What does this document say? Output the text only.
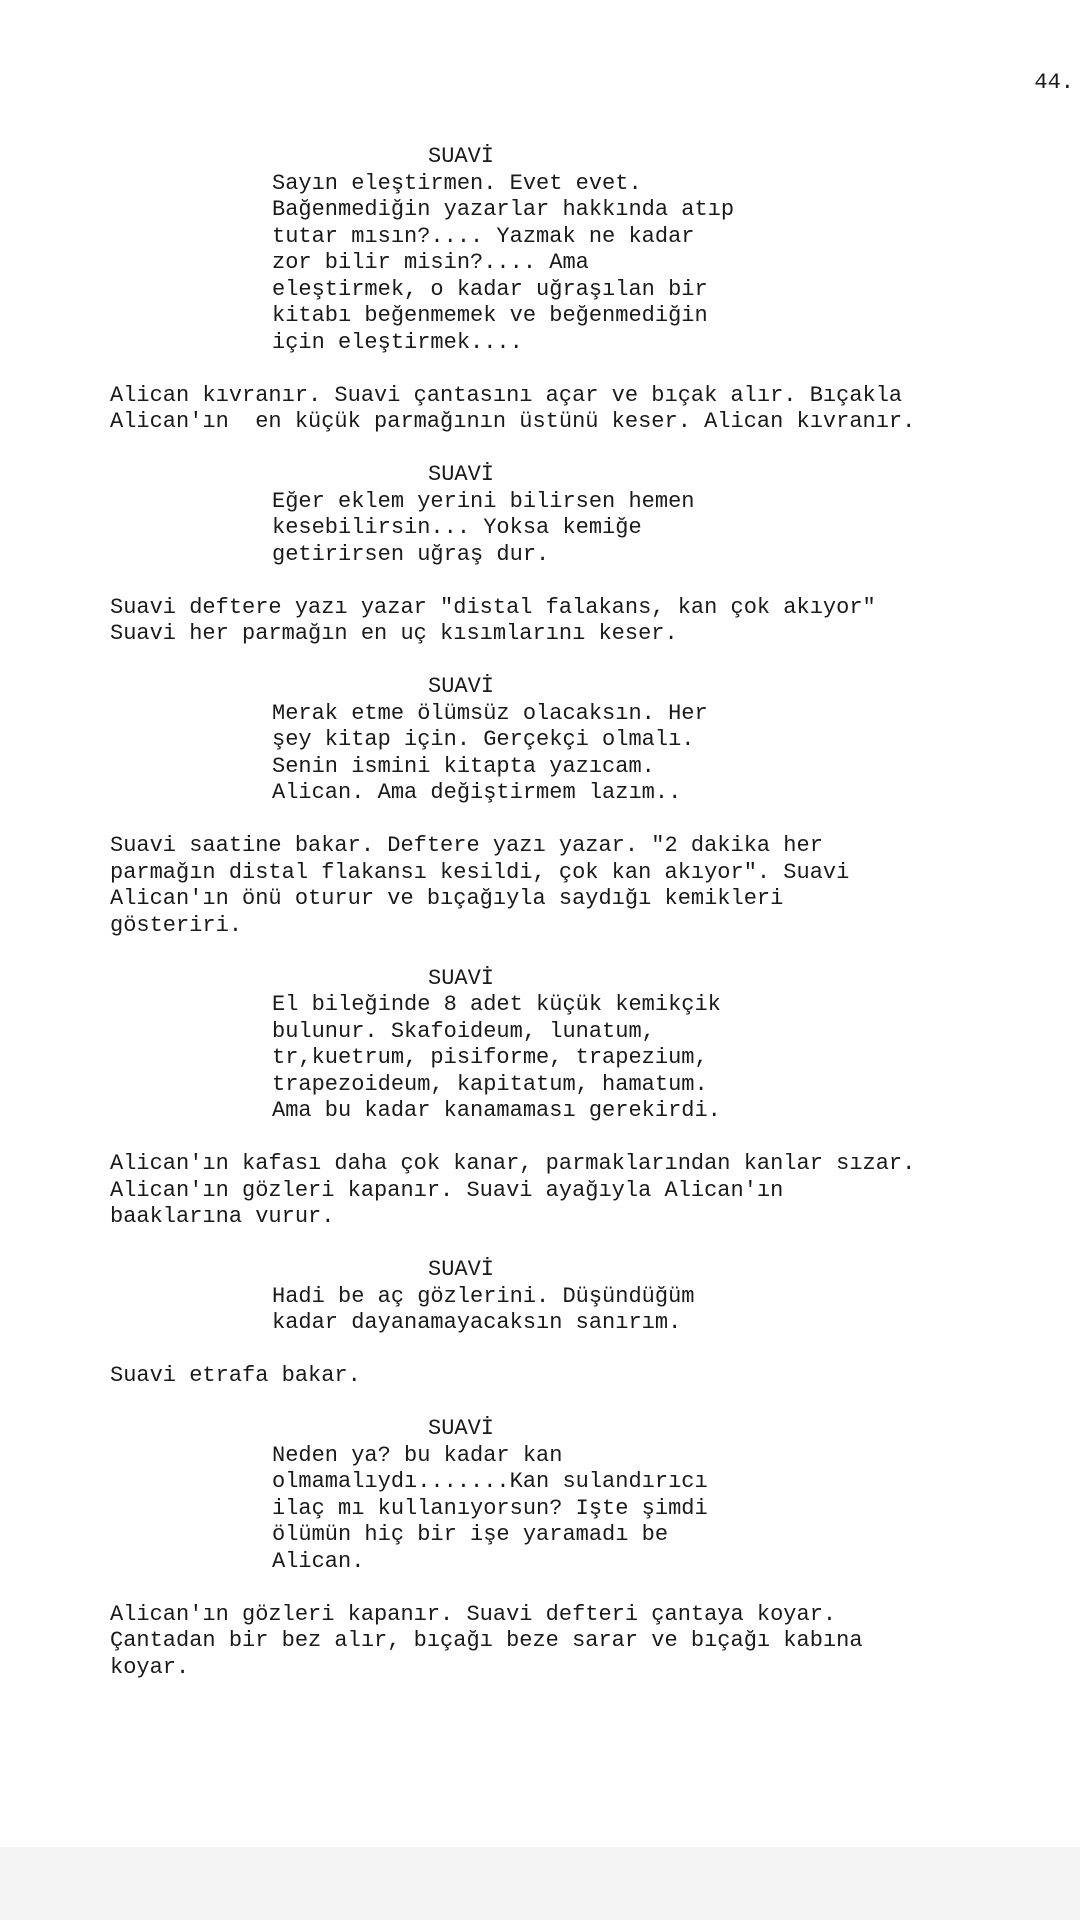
44.
SUAVİ
Sayın eleştirmen. Evet evet.
Bağenmediğin yazarlar hakkında atıp
tutar mısın?.... Yazmak ne kadar
zor bilir misin?.... Ama
eleştirmek, o kadar uğraşılan bir
kitabı beğenmemek ve beğenmediğin
için eleştirmek....
Alican kıvranır. Suavi çantasını açar ve bıçak alır. Bıçakla
Alican'ın  en küçük parmağının üstünü keser. Alican kıvranır.
SUAVİ
Eğer eklem yerini bilirsen hemen
kesebilirsin... Yoksa kemiğe
getirirsen uğraş dur.
Suavi deftere yazı yazar "distal falakans, kan çok akıyor"
Suavi her parmağın en uç kısımlarını keser.
SUAVİ
Merak etme ölümsüz olacaksın. Her
şey kitap için. Gerçekçi olmalı.
Senin ismini kitapta yazıcam.
Alican. Ama değiştirmem lazım..
Suavi saatine bakar. Deftere yazı yazar. "2 dakika her
parmağın distal flakansı kesildi, çok kan akıyor". Suavi
Alican'ın önü oturur ve bıçağıyla saydığı kemikleri
gösteriri.
SUAVİ
El bileğinde 8 adet küçük kemikçik
bulunur. Skafoideum, lunatum,
tr,kuetrum, pisiforme, trapezium,
trapezoideum, kapitatum, hamatum.
Ama bu kadar kanamaması gerekirdi.
Alican'ın kafası daha çok kanar, parmaklarından kanlar sızar.
Alican'ın gözleri kapanır. Suavi ayağıyla Alican'ın
baaklarına vurur.
SUAVİ
Hadi be aç gözlerini. Düşündüğüm
kadar dayanamayacaksın sanırım.
Suavi etrafa bakar.
SUAVİ
Neden ya? bu kadar kan
olmamalıydı.......Kan sulandırıcı
ilaç mı kullanıyorsun? Işte şimdi
ölümün hiç bir işe yaramadı be
Alican.
Alican'ın gözleri kapanır. Suavi defteri çantaya koyar.
Çantadan bir bez alır, bıçağı beze sarar ve bıçağı kabına
koyar.
